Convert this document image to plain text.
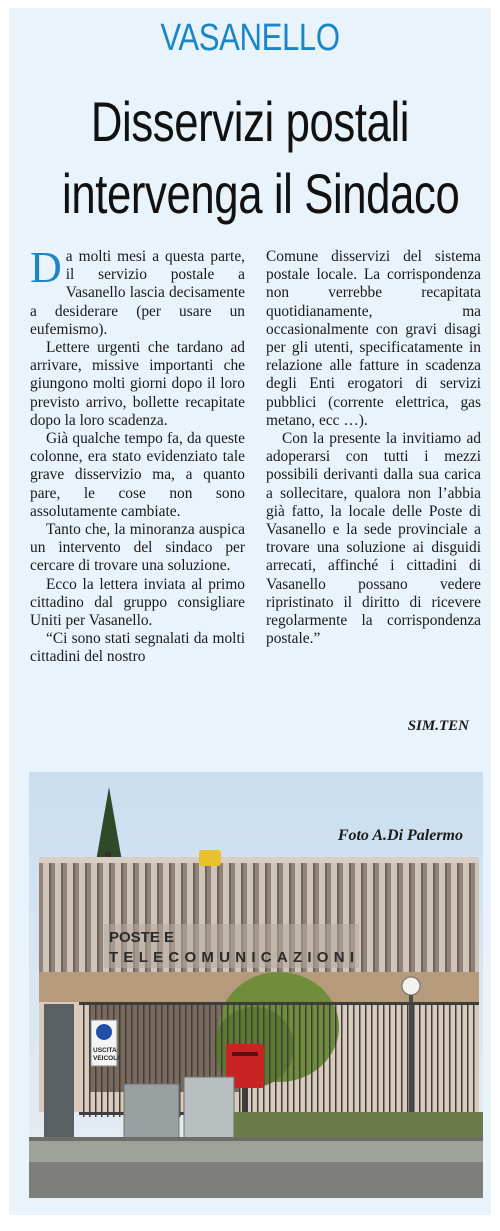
VASANELLO
Disservizi postali
intervenga il Sindaco

Da molti mesi a questa parte, il servizio postale a Vasanello lascia decisamente a desiderare (per usare un eufemismo).

Lettere urgenti che tardano ad arrivare, missive importanti che giungono molti giorni dopo il loro previsto arrivo, bollette recapitate dopo la loro scadenza.

Già qualche tempo fa, da queste colonne, era stato evidenziato tale grave disservizio ma, a quanto pare, le cose non sono assolutamente cambiate.

Tanto che, la minoranza auspica un intervento del sindaco per cercare di trovare una soluzione.

Ecco la lettera inviata al primo cittadino dal gruppo consigliare Uniti per Vasanello.

“Ci sono stati segnalati da molti cittadini del nostro

Comune disservizi del sistema postale locale. La corrispondenza non verrebbe recapitata quotidianamente, ma occasionalmente con gravi disagi per gli utenti, specificatamente in relazione alle fatture in scadenza degli Enti erogatori di servizi pubblici (corrente elettrica, gas metano, ecc …).

Con la presente la invitiamo ad adoperarsi con tutti i mezzi possibili derivanti dalla sua carica a sollecitare, qualora non l’abbia già fatto, la locale delle Poste di Vasanello e la sede provinciale a trovare una soluzione ai disguidi arrecati, affinché i cittadini di Vasanello possano vedere ripristinato il diritto di ricevere regolarmente la corrispondenza postale.”

SIM.TEN
POSTE E
TELECOMUNICAZIONI
USCITA
VEICOLI
Foto A.Di Palermo
